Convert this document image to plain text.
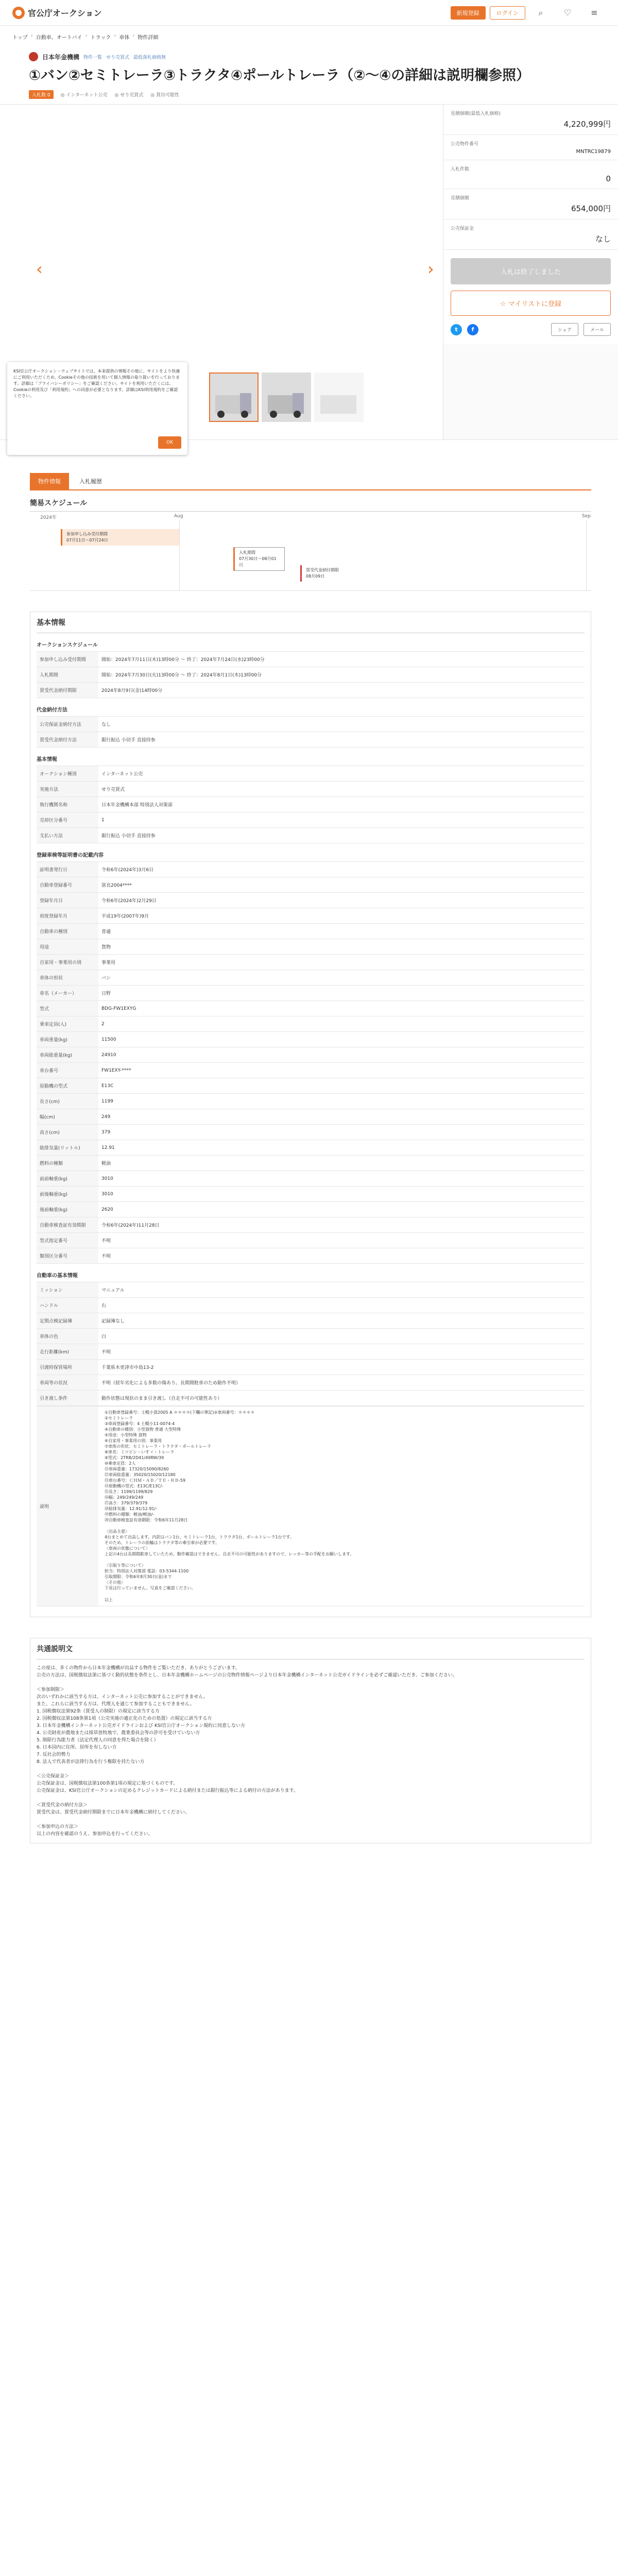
官公庁オークション	新規登録	ログイン	⌕	♡	≡
トップ › 自動車、オートバイ › トラック › 車体 › 物件詳細
日本年金機構 物件一覧 せり売買式 最低落札価格無
①バン②セミトレーラ③トラクタ④ポールトレーラ（②～④の詳細は説明欄参照）
入札数 0	◎ インターネット公売 ◎ せり売買式 ◎ 貸出可能性
‹	›

KSI官公庁オークション・ウェブサイトでは、本来提供の情報その他に、サイトをより快適にご利用いただくため、Cookieその他の技術を用いて個人情報の取り扱いを行っております。詳細は「プライバシーポリシー」をご確認ください。サイトを利用いただくには、Cookieの利用及び「利用規約」への同意が必要となります。詳細はKSI利用規約をご確認ください。

OK
見積価額(最低入札価格)
4,220,999円
公売物件番号
MNTRC19879
入札件数
0
見積価額
654,000円
公売保証金
なし
入札は終了しました
☆ マイリストに登録
t	f	シェア	メール
物件情報	入札履歴
簡易スケジュール
2024年	Aug	Sep
参加申し込み受付期間
07月11日～07月24日
入札期間
07月30日～08月01日
買受代金納付期限
08月09日
基本情報
オークションスケジュール
参加申し込み受付期間	開始：2024年7月11日(木)13時00分 ～ 終了：2024年7月24日(水)23時00分
入札期間	開始：2024年7月30日(火)13時00分 ～ 終了：2024年8月1日(木)13時00分
買受代金納付期限	2024年8月9日(金)14時00分
代金納付方法
公売保証金納付方法	なし
買受代金納付方法	銀行振込 小切手 直接持参
基本情報
オークション種別	インターネット公売
実施方法	せり売買式
執行機関名称	日本年金機構本部 特別法人対策部
売却区分番号	1
支払い方法	銀行振込 小切手 直接持参
登録車検等証明書の記載内容
証明書発行日	令和6年(2024年)3月6日
自動車登録番号	富良2004****
登録年月日	令和6年(2024年)2月29日
初度登録年月	平成19年(2007年)9月
自動車の種別	普通
用途	貨物
自家用・事業用の別	事業用
車体の形状	バン
車名（メーカー）	日野
型式	BDG-FW1EXYG
乗車定員(人)	2
車両重量(kg)	11500
車両総重量(kg)	24910
車台番号	FW1EXY-****
原動機の型式	E13C
長さ(cm)	1199
幅(cm)	249
高さ(cm)	379
総排気量(リットル)	12.91
燃料の種類	軽油
前前軸重(kg)	3010
前後軸重(kg)	3010
後前軸重(kg)	2620
自動車検査証有効期限	令和6年(2024年)11月28日
型式指定番号	不明
類別区分番号	不明
自動車の基本情報
ミッション	マニュアル
ハンドル	右
定期点検記録簿	記録簿なし
車体の色	白
走行距離(km)	不明
引渡時保管場所	千葉県木更津市中島13-2
車両等の状況	不明（経年劣化による多数の傷あり。長期間駐車のため動作不明）
引き渡し条件	動作状態は現状のまま引き渡し（自走不可の可能性あり）
説明	
①自動車登録番号：士幌小貨2005 A ＊＊＊＊(下欄の筆記)②車両番号：＊＊＊＊
②セミトレーラ
③車両登録番号：4 土幌小11-0074-4
④自動車の種別：小型貨物 普通 大型特殊
⑤用途：小型特殊 貨物
⑥自家用・事業用の別：事業用
⑦車体の形状：セミトレーラ・トラクタ・ポールトレーラ
⑧車名：ミツビシ・いすゞ・トレーラ
⑨型式：2TRB/2D41/49RW/39
⑩乗車定員：2人
⑪車両重量：17320/15090/8260
⑫車両総重量：35020/15020/12180
⑬車台番号：ＣＨＭ・ＡＢ／ＴＥ・ＲＢ-59
⑭原動機の型式：E13C/E13C/-
⑮長さ：1199/1199/829
⑯幅：249/249/249
⑰高さ：379/379/379
⑱総排気量：12.91/12.91/-
⑲燃料の種類：軽油/軽油/-
⑳自動車検査証有効期限：令和6年11月28日

〈出品主意〉
4台まとめて出品します。内訳はバン1台、セミトレーラ1台、トラクタ1台、ポールトレーラ1台です。
そのため、トレーラの前輪はトラクタ等の牽引車が必要です。
〈車両の状態について〉
上記の4台は長期間駐車していたため、動作確認はできません。自走不可の可能性がありますので、レッカー等の手配をお願いします。

〈引取り等について〉
担当：特別法人対策部 電話：03-5344-1100
引取期限：令和6年8月30日(金)まで
〈その他〉
下見は行っていません。写真をご確認ください。
以上
共通説明文
この度は、多くの物件から日本年金機構が出品する物件をご覧いただき、ありがとうございます。
公売の方法は、国税徴収法第に基づく動的状態を条件とし、日本年金機構ホームページの公売物件情報ページより日本年金機構インターネット公売ガイドラインを必ずご確認いただき、ご参加ください。

＜参加制限＞
次のいずれかに該当する方は、インターネット公売に参加することができません。
また、これらに該当する方は、代理人を通じて参加することもできません。
1. 国税徴収法第92条（買受人の制限）の規定に該当する方
2. 国税徴収法第108条第1項（公売実施の適正化のための処置）の規定に該当する方
3. 日本年金機構インターネット公売ガイドラインおよび KSI官公庁オークション規約に同意しない方
4. 公売財産が農地または採草放牧地で、農業委員会等の許可を受けていない方
5. 制限行為能力者（法定代理人の同意を得た場合を除く）
6. 日本国内に住所、居所を有しない方
7. 反社会的勢力
8. 法人で代表者が法律行為を行う権限を持たない方

＜公売保証金＞
公売保証金は、国税徴収法第100条第1項の規定に基づくものです。
公売保証金は、KSI官公庁オークションの定めるクレジットカードによる納付または銀行振込等による納付の方法があります。

＜買受代金の納付方法＞
買受代金は、買受代金納付期限までに日本年金機構に納付してください。

＜参加申込の方法＞
以上の内容を確認のうえ、参加申込を行ってください。
